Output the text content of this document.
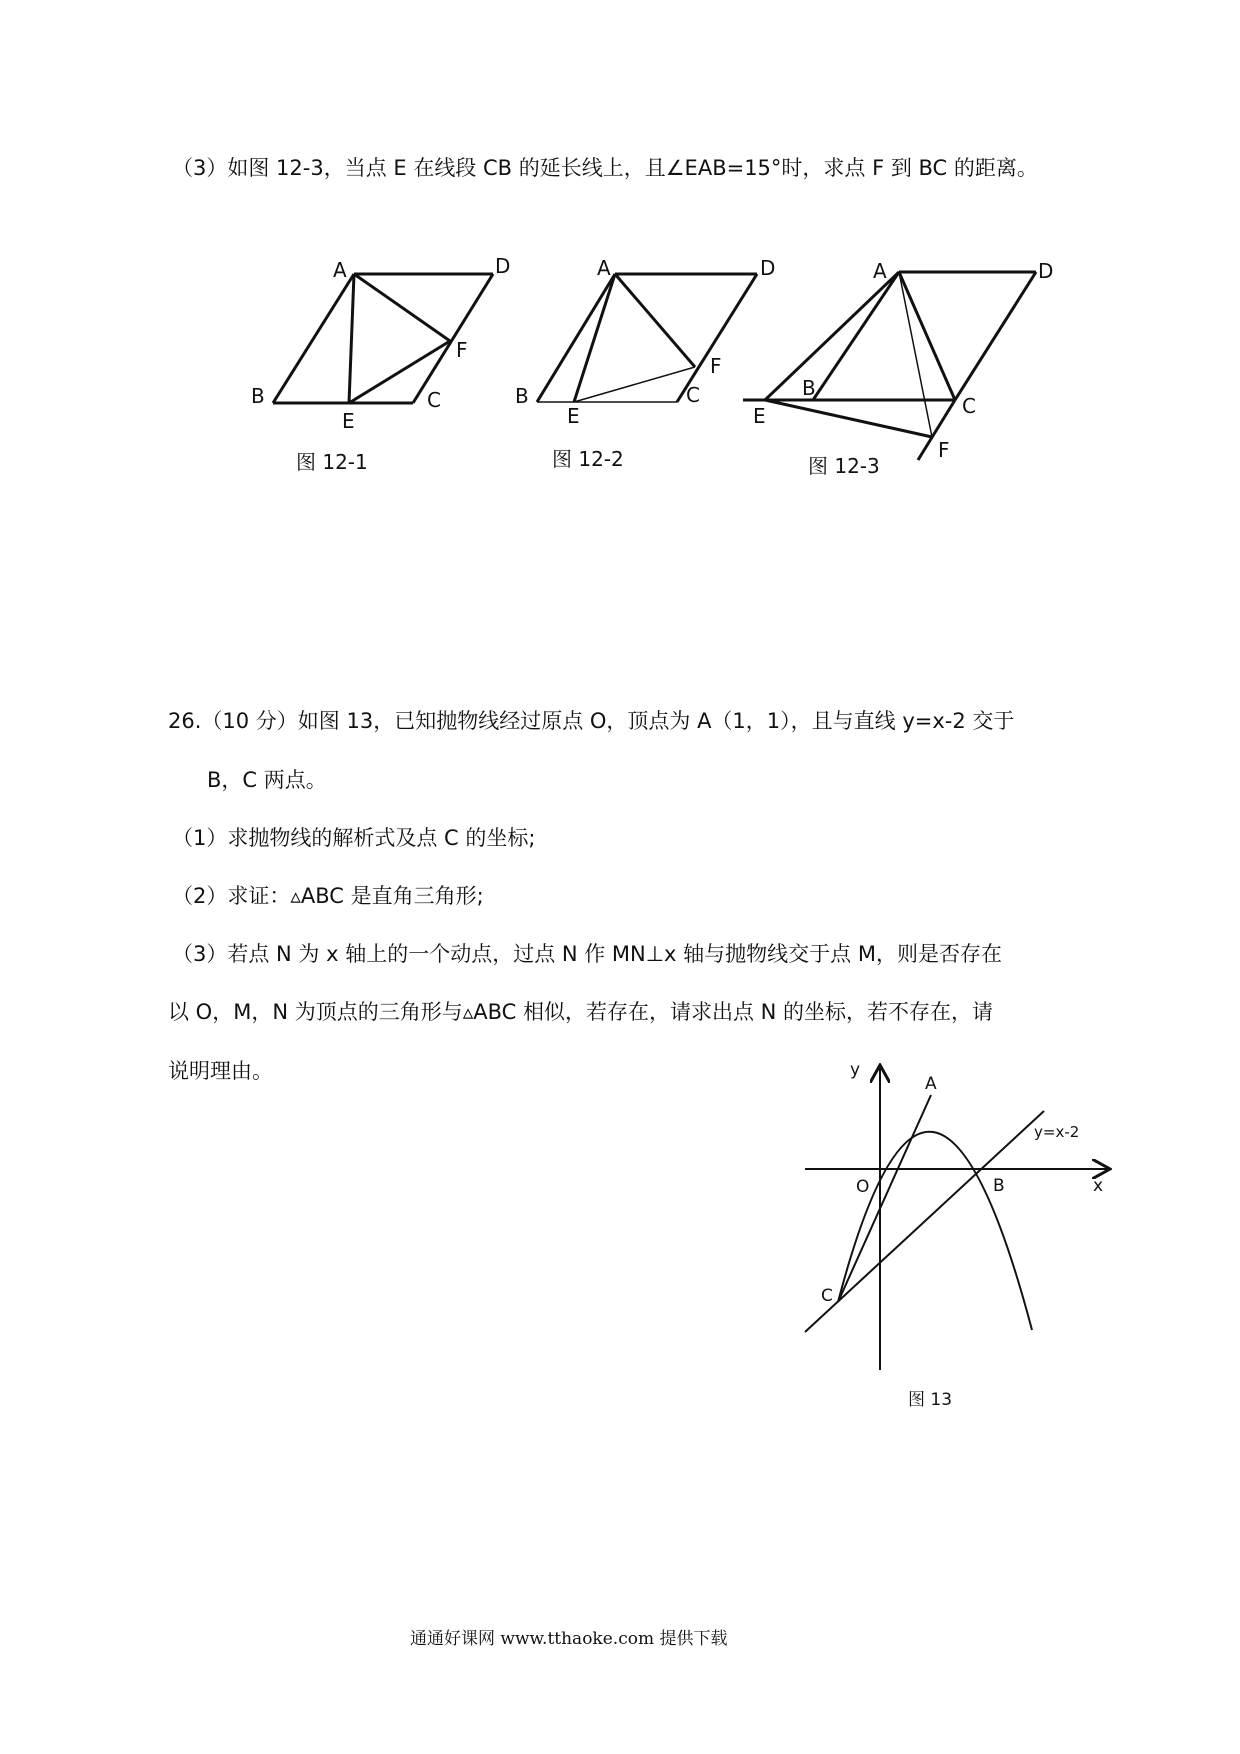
（3）如图 12-3，当点 E 在线段 CB 的延长线上，且∠EAB=15°时，求点 F 到 BC 的距离。

A	D
F
B
E
C
图 12-1
A	D
F
B
E
C
图 12-2
A	D
B
E	C
F
图 12-3

26.（10 分）如图 13，已知抛物线经过原点 O，顶点为 A（1，1），且与直线 y=x-2 交于

B，C 两点。

（1）求抛物线的解析式及点 C 的坐标;

（2）求证：▵ABC 是直角三角形;

（3）若点 N 为 x 轴上的一个动点，过点 N 作 MN⊥x 轴与抛物线交于点 M，则是否存在

以 O，M，N 为顶点的三角形与▵ABC 相似，若存在，请求出点 N 的坐标，若不存在，请

说明理由。	y
x
A
O	B
C
y=x-2
图 13
通通好课网 www.tthaoke.com 提供下载
